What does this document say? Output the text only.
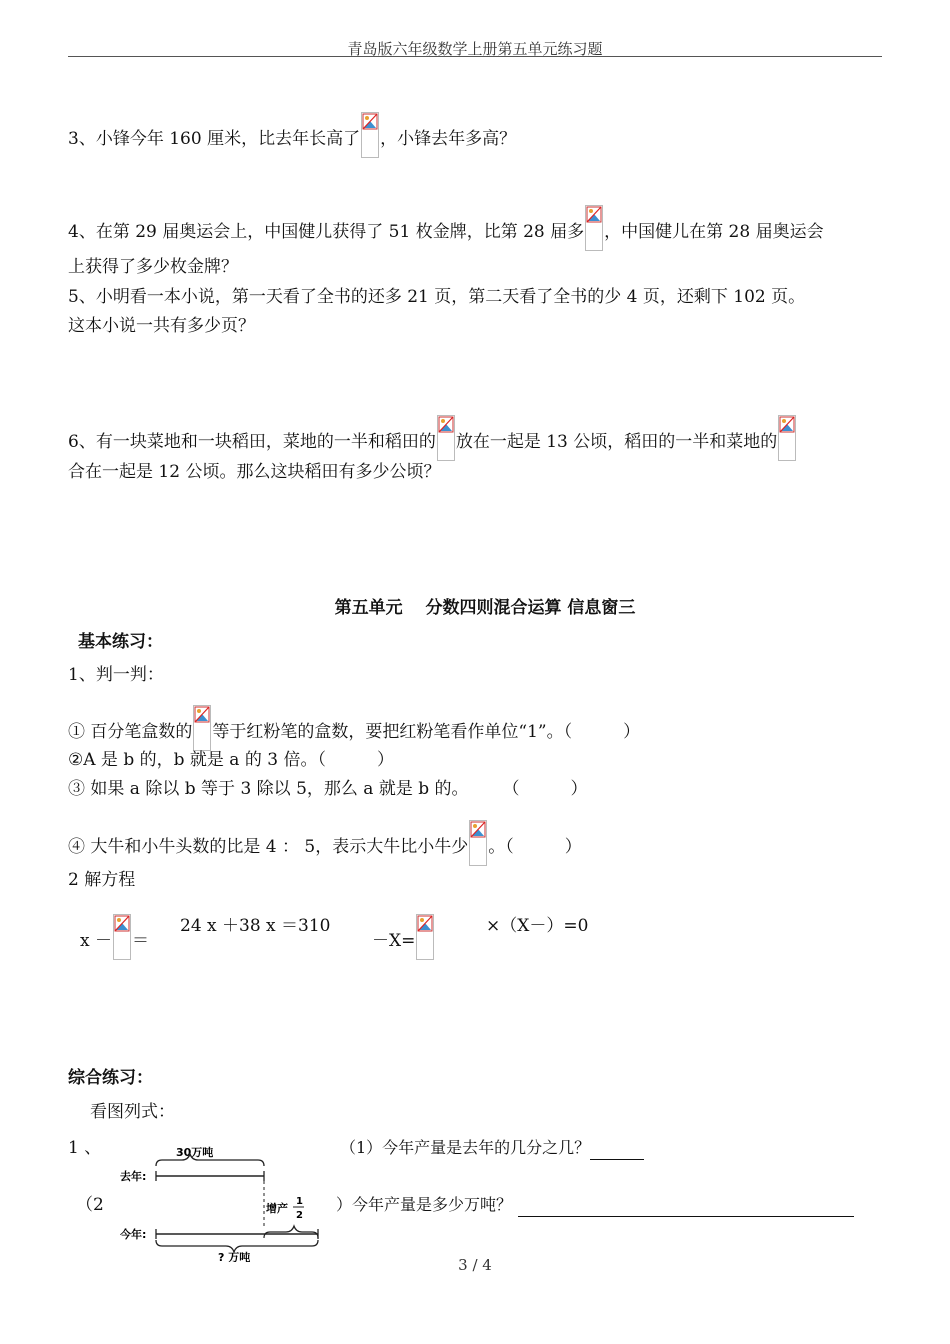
青岛版六年级数学上册第五单元练习题
3、小锋今年 160 厘米，比去年长高了 ，小锋去年多高？
4、在第 29 届奥运会上，中国健儿获得了 51 枚金牌，比第 28 届多 ，中国健儿在第 28 届奥运会
上获得了多少枚金牌？
5、小明看一本小说，第一天看了全书的还多 21 页，第二天看了全书的少 4 页，还剩下 102 页。
这本小说一共有多少页？
6、有一块菜地和一块稻田，菜地的一半和稻田的 放在一起是 13 公顷，稻田的一半和菜地的
合在一起是 12 公顷。那么这块稻田有多少公顷？
第五单元　 分数四则混合运算 信息窗三
基本练习：
1、判一判：
① 百分笔盒数的 等于红粉笔的盒数，要把红粉笔看作单位“1”。（　　　）
②A 是 b 的，b 就是 a 的 3 倍。（　　　）
③ 如果 a 除以 b 等于 3 除以 5，那么 a 就是 b 的。　　　（　　　）
④ 大牛和小牛头数的比是 4 ： 5，表示大牛比小牛少 。（　　　）
2 解方程
x － ＝
24 x ＋38 x ＝310
－X=
×（X－）=0
综合练习：
看图列式：
1 、	（1）今年产量是去年的几分之几？
（2	）今年产量是多少万吨？
30万吨
去年:
增产
1
2
今年:
? 万吨	3 / 4
